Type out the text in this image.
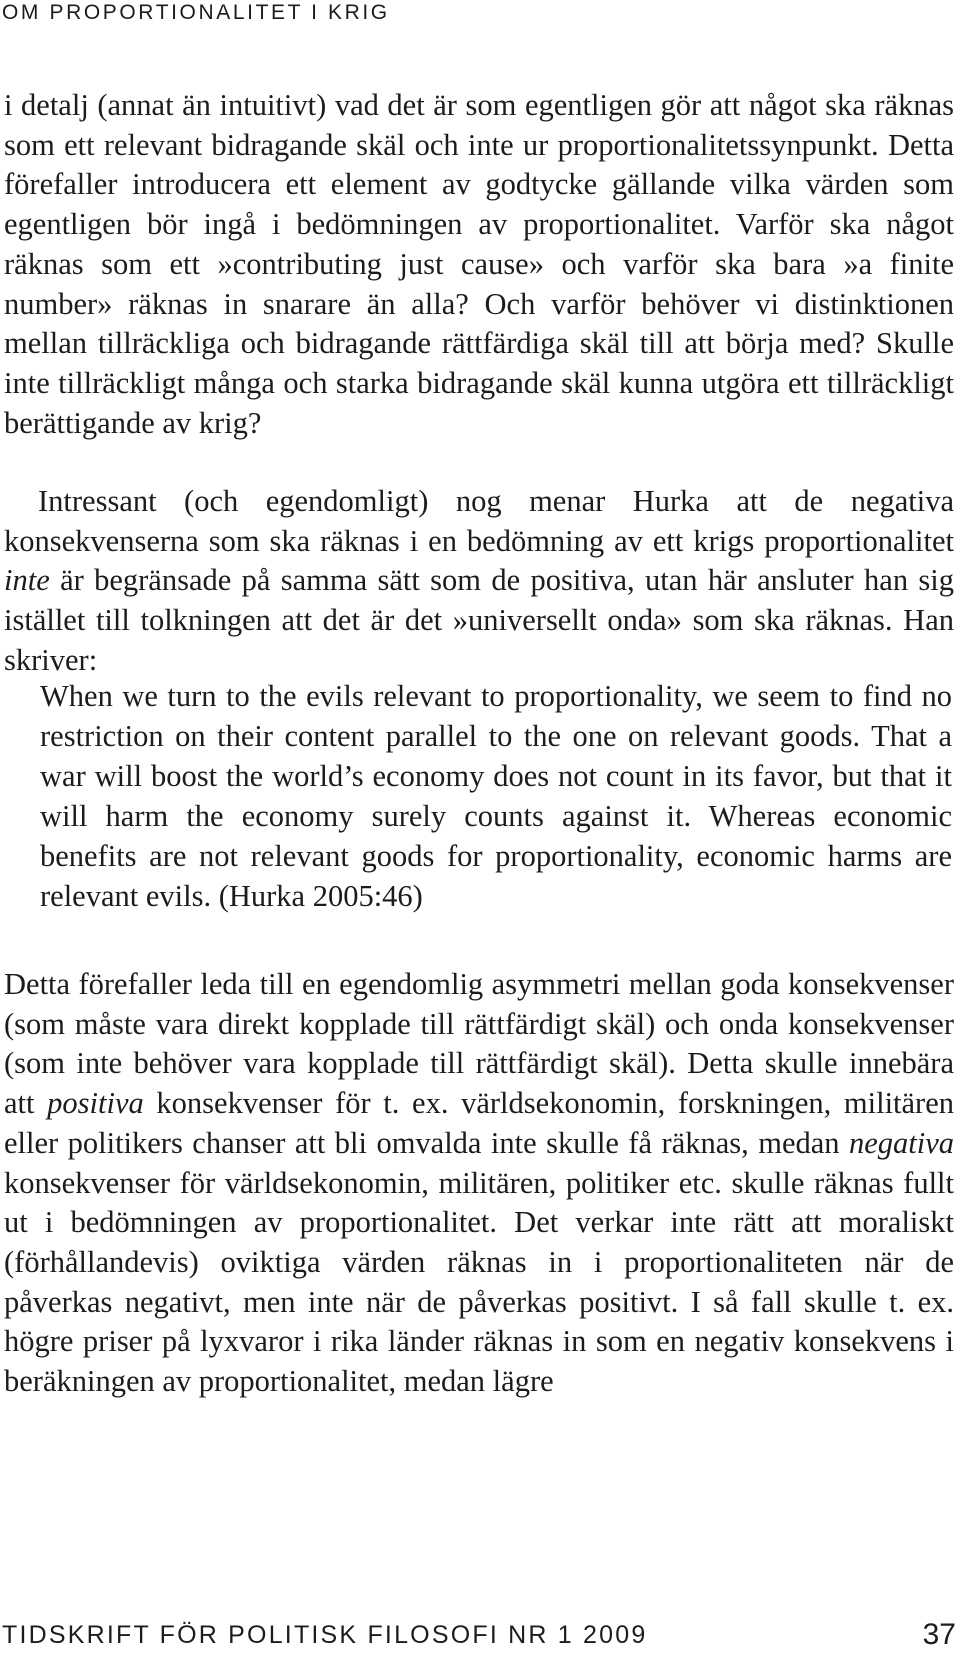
OM PROPORTIONALITET I KRIG

i detalj (annat än intuitivt) vad det är som egentligen gör att något ska räknas som ett relevant bidragande skäl och inte ur proportionalitetssynpunkt. Detta förefaller introducera ett element av godtycke gällande vilka värden som egentligen bör ingå i bedömningen av proportionalitet. Varför ska något räknas som ett »contributing just cause» och varför ska bara »a finite number» räknas in snarare än alla? Och varför behöver vi distinktionen mellan tillräckliga och bidragande rättfärdiga skäl till att börja med? Skulle inte tillräckligt många och starka bidragande skäl kunna utgöra ett tillräckligt berättigande av krig?

Intressant (och egendomligt) nog menar Hurka att de negativa konsekvenserna som ska räknas i en bedömning av ett krigs proportionalitet inte är begränsade på samma sätt som de positiva, utan här ansluter han sig istället till tolkningen att det är det »universellt onda» som ska räknas. Han skriver:

When we turn to the evils relevant to proportionality, we seem to find no restriction on their content parallel to the one on relevant goods. That a war will boost the world’s economy does not count in its favor, but that it will harm the economy surely counts against it. Whereas economic benefits are not relevant goods for proportionality, economic harms are relevant evils. (Hurka 2005:46)

Detta förefaller leda till en egendomlig asymmetri mellan goda konsekvenser (som måste vara direkt kopplade till rättfärdigt skäl) och onda konsekvenser (som inte behöver vara kopplade till rättfärdigt skäl). Detta skulle innebära att positiva konsekvenser för t. ex. världsekonomin, forskningen, militären eller politikers chanser att bli omvalda inte skulle få räknas, medan negativa konsekvenser för världsekonomin, militären, politiker etc. skulle räknas fullt ut i bedömningen av proportionalitet. Det verkar inte rätt att moraliskt (förhållandevis) oviktiga värden räknas in i proportionaliteten när de påverkas negativt, men inte när de påverkas positivt. I så fall skulle t. ex. högre priser på lyxvaror i rika länder räknas in som en negativ konsekvens i beräkningen av proportionalitet, medan lägre

TIDSKRIFT FÖR POLITISK FILOSOFI NR 1 2009	37
